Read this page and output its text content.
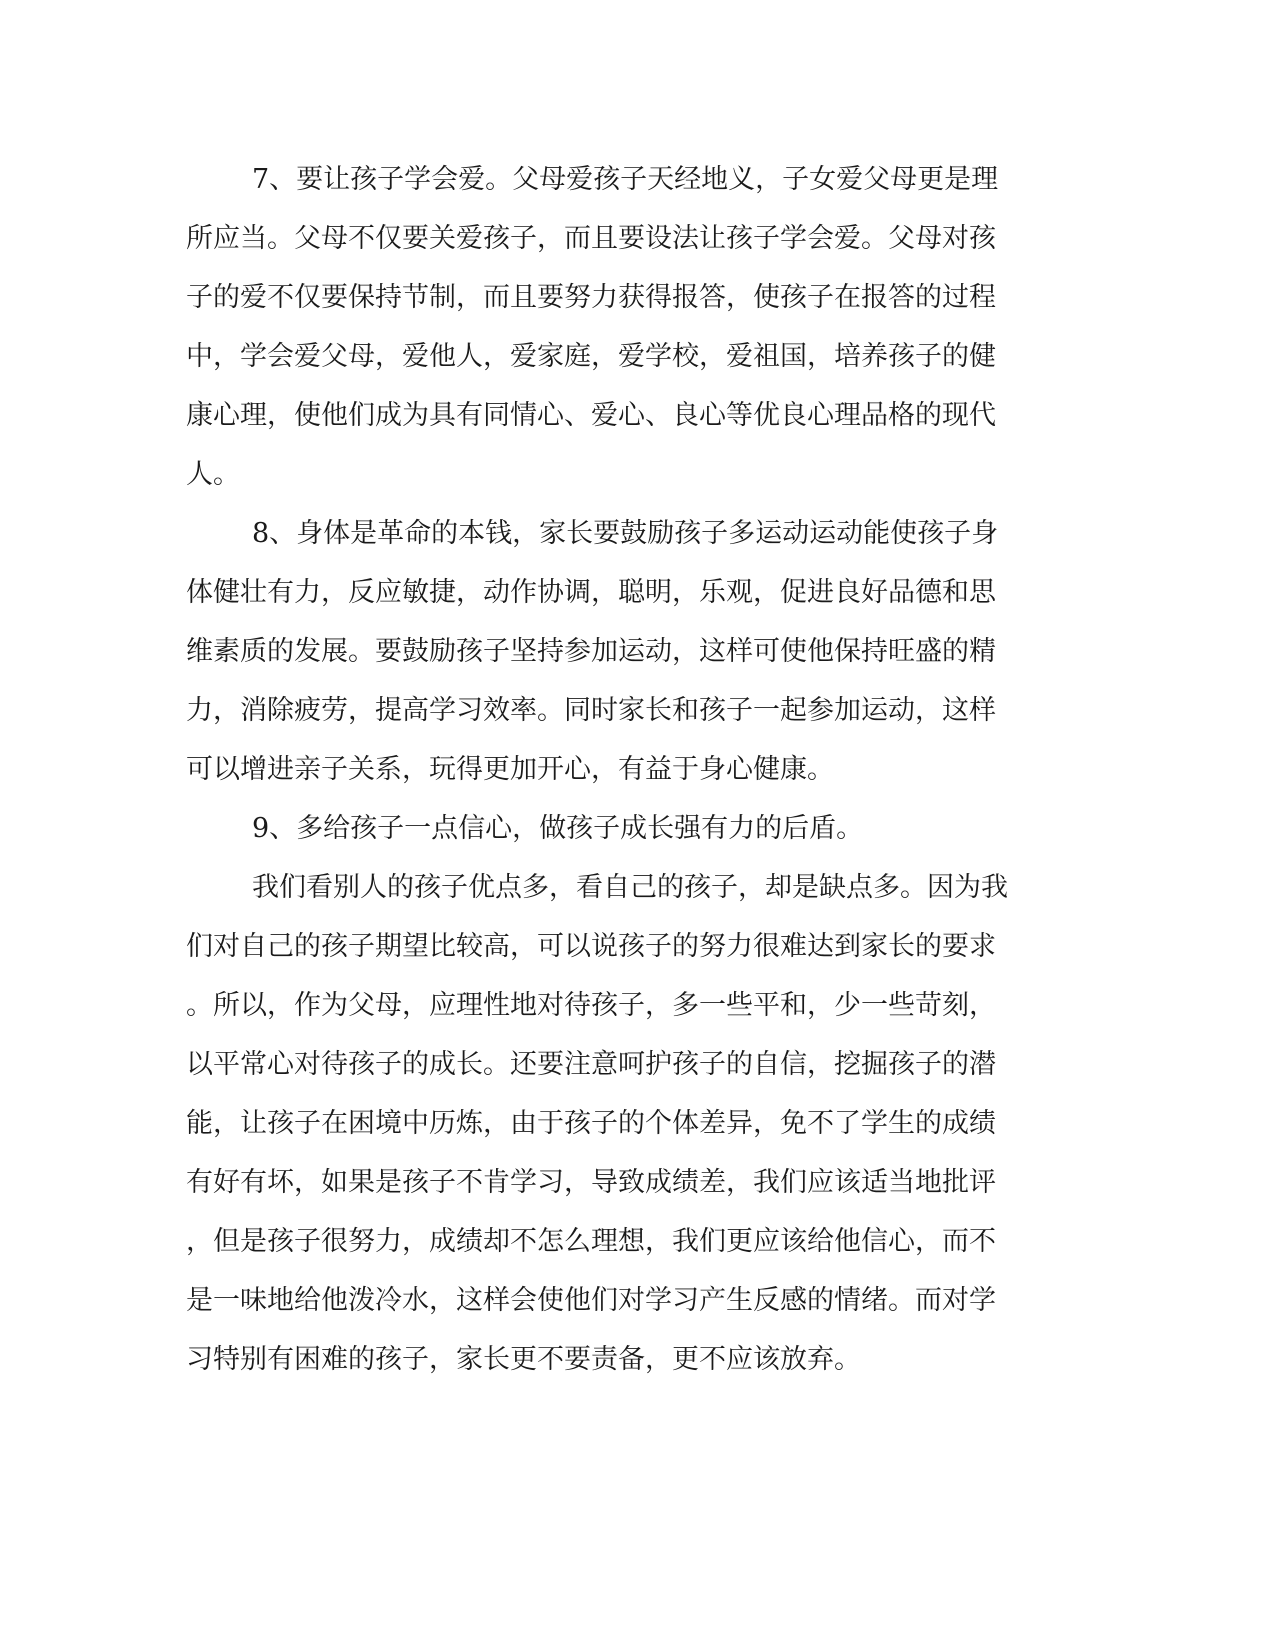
7、要让孩子学会爱。父母爱孩子天经地义，子女爱父母更是理
所应当。父母不仅要关爱孩子，而且要设法让孩子学会爱。父母对孩
子的爱不仅要保持节制，而且要努力获得报答，使孩子在报答的过程
中，学会爱父母，爱他人，爱家庭，爱学校，爱祖国，培养孩子的健
康心理，使他们成为具有同情心、爱心、良心等优良心理品格的现代
人。
8、身体是革命的本钱，家长要鼓励孩子多运动运动能使孩子身
体健壮有力，反应敏捷，动作协调，聪明，乐观，促进良好品德和思
维素质的发展。要鼓励孩子坚持参加运动，这样可使他保持旺盛的精
力，消除疲劳，提高学习效率。同时家长和孩子一起参加运动，这样
可以增进亲子关系，玩得更加开心，有益于身心健康。
9、多给孩子一点信心，做孩子成长强有力的后盾。
我们看别人的孩子优点多，看自己的孩子，却是缺点多。因为我
们对自己的孩子期望比较高，可以说孩子的努力很难达到家长的要求
。所以，作为父母，应理性地对待孩子，多一些平和，少一些苛刻，
以平常心对待孩子的成长。还要注意呵护孩子的自信，挖掘孩子的潜
能，让孩子在困境中历炼，由于孩子的个体差异，免不了学生的成绩
有好有坏，如果是孩子不肯学习，导致成绩差，我们应该适当地批评
，但是孩子很努力，成绩却不怎么理想，我们更应该给他信心，而不
是一味地给他泼冷水，这样会使他们对学习产生反感的情绪。而对学
习特别有困难的孩子，家长更不要责备，更不应该放弃。
